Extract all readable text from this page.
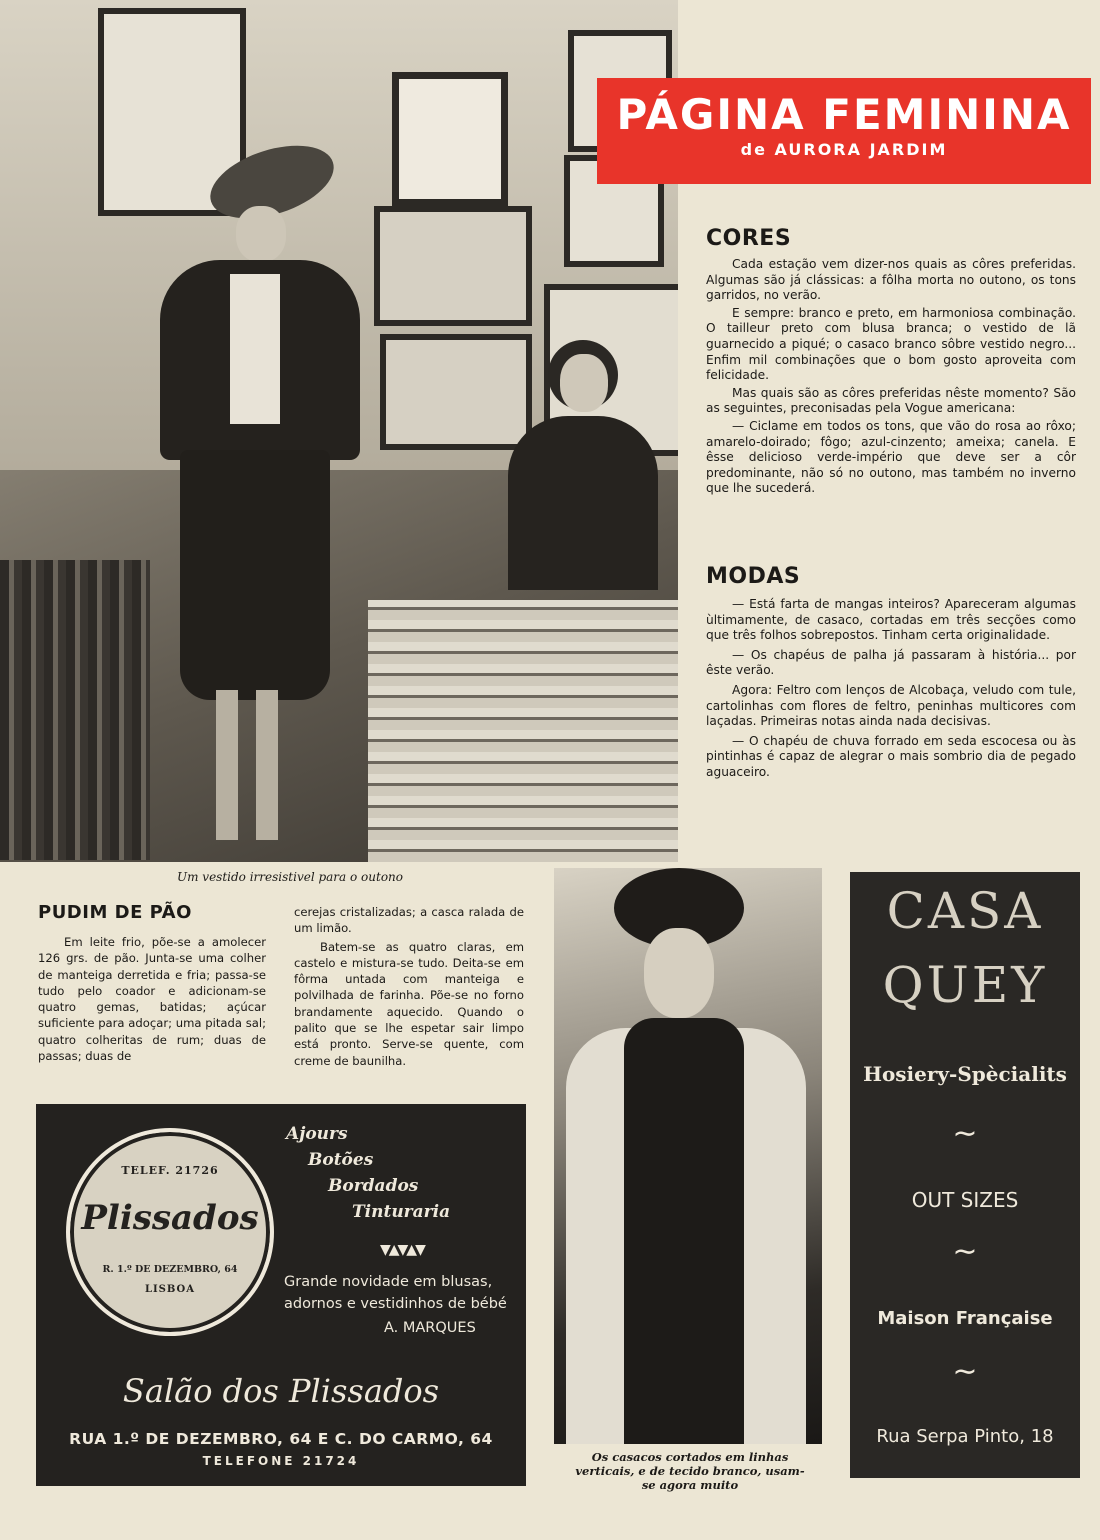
Um vestido irresistivel para o outono
PÁGINA FEMININA
de AURORA JARDIM
CORES

Cada estação vem dizer-nos quais as côres preferidas. Algumas são já clássicas: a fôlha morta no outono, os tons garridos, no verão.

E sempre: branco e preto, em harmoniosa combinação. O tailleur preto com blusa branca; o vestido de lã guarnecido a piqué; o casaco branco sôbre vestido negro... Enfim mil combinações que o bom gosto aproveita com felicidade.

Mas quais são as côres preferidas nêste momento? São as seguintes, preconisadas pela Vogue americana:

— Ciclame em todos os tons, que vão do rosa ao rôxo; amarelo-doirado; fôgo; azul-cinzento; ameixa; canela. E êsse delicioso verde-império que deve ser a côr predominante, não só no outono, mas também no inverno que lhe sucederá.

MODAS

— Está farta de mangas inteiros? Apareceram algumas ùltimamente, de casaco, cortadas em três secções como que três folhos sobrepostos. Tinham certa originalidade.

— Os chapéus de palha já passaram à história... por êste verão.

Agora: Feltro com lenços de Alcobaça, veludo com tule, cartolinhas com flores de feltro, peninhas multicores com laçadas. Primeiras notas ainda nada decisivas.

— O chapéu de chuva forrado em seda escocesa ou às pintinhas é capaz de alegrar o mais sombrio dia de pegado aguaceiro.

PUDIM DE PÃO

Em leite frio, põe-se a amolecer 126 grs. de pão. Junta-se uma colher de manteiga derretida e fria; passa-se tudo pelo coador e adicionam-se quatro gemas, batidas; açúcar suficiente para adoçar; uma pitada sal; quatro colheritas de rum; duas de passas; duas de

cerejas cristalizadas; a casca ralada de um limão.

Batem-se as quatro claras, em castelo e mistura-se tudo. Deita-se em fôrma untada com manteiga e polvilhada de farinha. Põe-se no forno brandamente aquecido. Quando o palito que se lhe espetar sair limpo está pronto. Serve-se quente, com creme de baunilha.

TELEF. 21726
Plissados
R. 1.º DE DEZEMBRO, 64
LISBOA
Ajours
Botões
Bordados
Tinturaria
▼▲▼▲▼
Grande novidade em blusas,
adornos e vestidinhos de bébé
A. MARQUES
Salão dos Plissados
RUA 1.º DE DEZEMBRO, 64 E C. DO CARMO, 64
TELEFONE 21724	Os casacos cortados em linhas verticais, e de tecido branco, usam-se agora muito
CASA
QUEY
Hosiery-Spècialits
∼
OUT SIZES
∼
Maison Française
∼
Rua Serpa Pinto, 18
